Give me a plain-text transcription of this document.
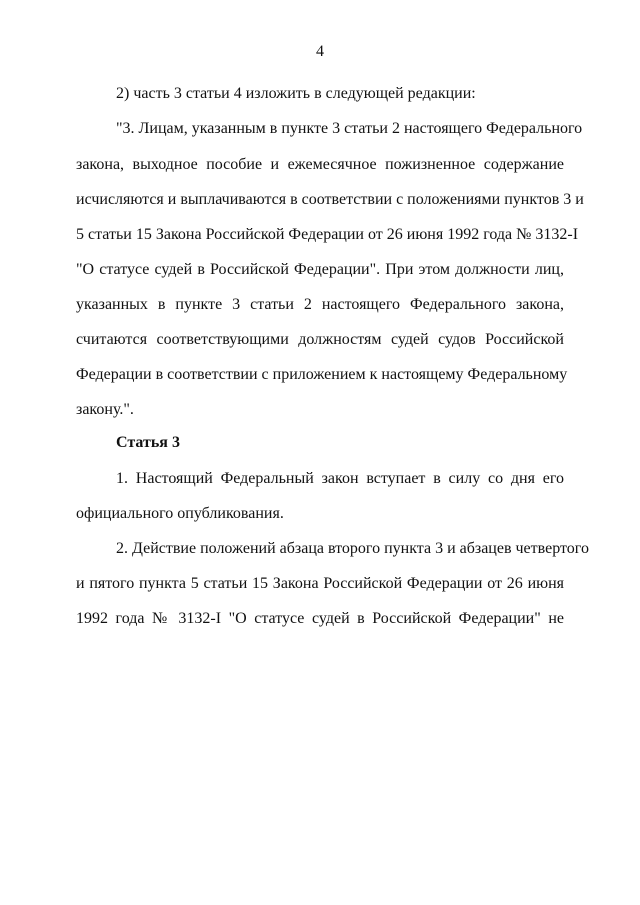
4
2) часть 3 статьи 4 изложить в следующей редакции:
"3. Лицам, указанным в пункте 3 статьи 2 настоящего Федерального
закона, выходное пособие и ежемесячное пожизненное содержание
исчисляются и выплачиваются в соответствии с положениями пунктов 3 и
5 статьи 15 Закона Российской Федерации от 26 июня 1992 года № 3132-I
"О статусе судей в Российской Федерации". При этом должности лиц,
указанных в пункте 3 статьи 2 настоящего Федерального закона,
считаются соответствующими должностям судей судов Российской
Федерации в соответствии с приложением к настоящему Федеральному
закону.".
Статья 3
1. Настоящий Федеральный закон вступает в силу со дня его
официального опубликования.
2. Действие положений абзаца второго пункта 3 и абзацев четвертого
и пятого пункта 5 статьи 15 Закона Российской Федерации от 26 июня
1992 года № 3132-I "О статусе судей в Российской Федерации" не
